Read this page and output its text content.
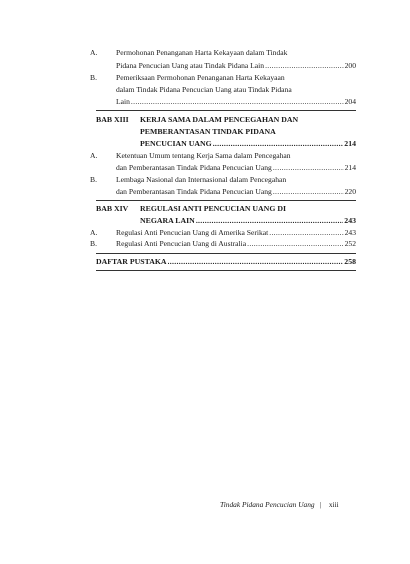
A. Permohonan Penanganan Harta Kekayaan dalam Tindak
Pidana Pencucian Uang atau Tindak Pidana Lain .....	200
B.	Pemeriksaan Permohonan Penanganan Harta Kekayaan
dalam Tindak Pidana Pencucian Uang atau Tindak Pidana
Lain .....	204
BAB XIII KERJA SAMA DALAM PENCEGAHAN DAN
PEMBERANTASAN TINDAK PIDANA
PENCUCIAN UANG .....	214
A. Ketentuan Umum tentang Kerja Sama dalam Pencegahan
dan Pemberantasan Tindak Pidana Pencucian Uang .....	214
B.	Lembaga Nasional dan Internasional dalam Pencegahan
dan Pemberantasan Tindak Pidana Pencucian Uang .....	220
BAB XIV REGULASI ANTI PENCUCIAN UANG DI
NEGARA LAIN .....	243
A. Regulasi Anti Pencucian Uang di Amerika Serikat .....	243
B.	Regulasi Anti Pencucian Uang di Australia .....	252
DAFTAR PUSTAKA .....	258
Tindak Pidana Pencucian Uang | xiii
